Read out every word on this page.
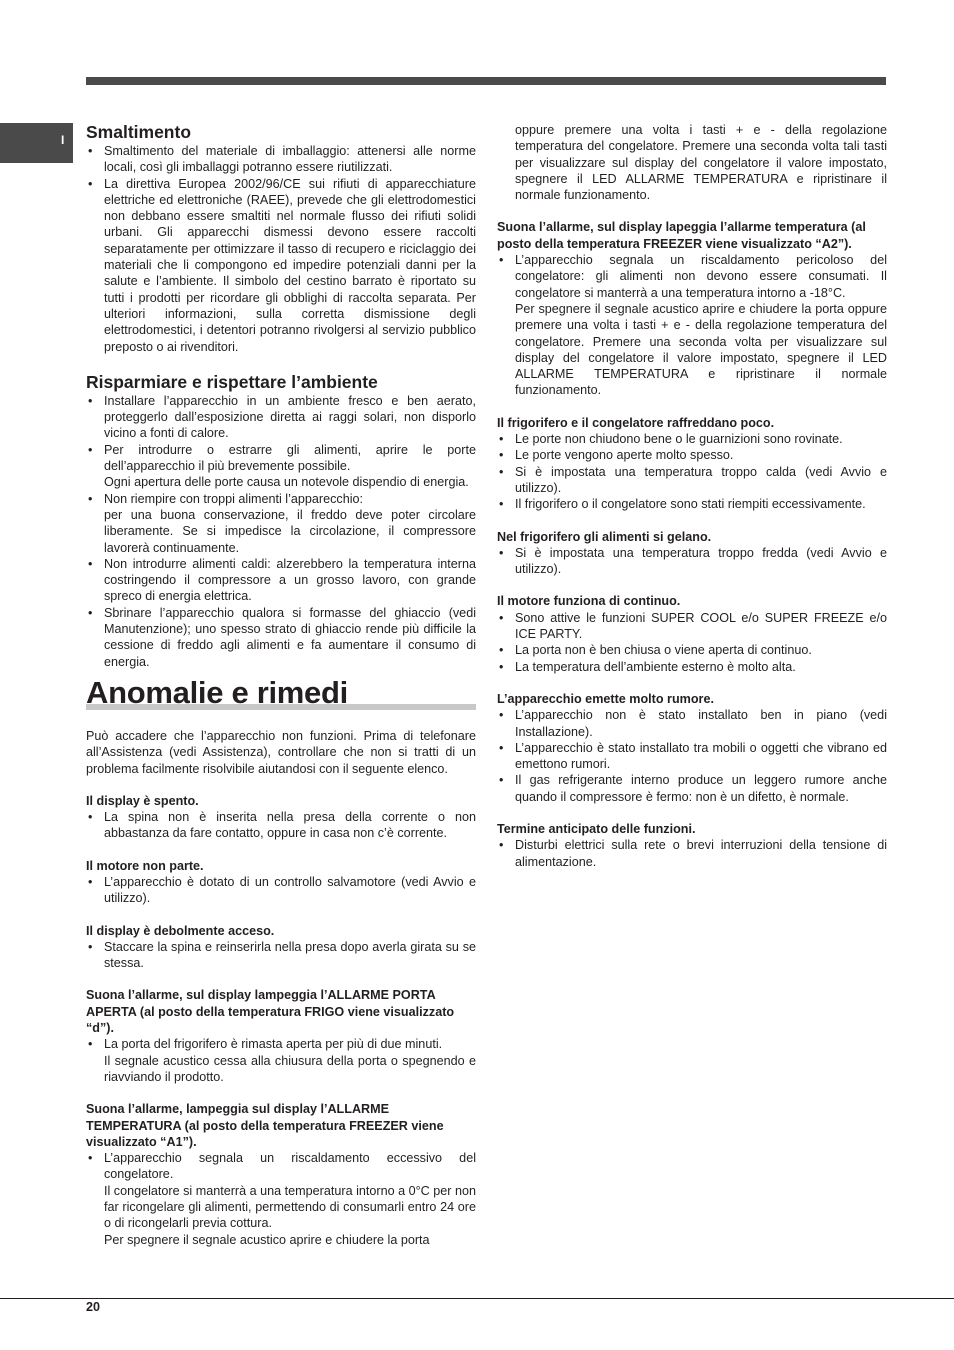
I Smaltimento
• Smaltimento del materiale di imballaggio: attenersi alle norme locali, così gli imballaggi potranno essere riutilizzati.
• La direttiva Europea 2002/96/CE sui rifiuti di apparecchiature elettriche ed elettroniche (RAEE), prevede che gli elettrodomestici non debbano essere smaltiti nel normale flusso dei rifiuti solidi urbani. Gli apparecchi dismessi devono essere raccolti separatamente per ottimizzare il tasso di recupero e riciclaggio dei materiali che li compongono ed impedire potenziali danni per la salute e l’ambiente. Il simbolo del cestino barrato è riportato su tutti i prodotti per ricordare gli obblighi di raccolta separata. Per ulteriori informazioni, sulla corretta dismissione degli elettrodomestici, i detentori potranno rivolgersi al servizio pubblico preposto o ai rivenditori.
Risparmiare e rispettare l’ambiente
• Installare l’apparecchio in un ambiente fresco e ben aerato, proteggerlo dall’esposizione diretta ai raggi solari, non disporlo vicino a fonti di calore.
• Per introdurre o estrarre gli alimenti, aprire le porte dell’apparecchio il più brevemente possibile.
Ogni apertura delle porte causa un notevole dispendio di energia.
• Non riempire con troppi alimenti l’apparecchio:
per una buona conservazione, il freddo deve poter circolare liberamente. Se si impedisce la circolazione, il compressore lavorerà continuamente.
• Non introdurre alimenti caldi: alzerebbero la temperatura interna costringendo il compressore a un grosso lavoro, con grande spreco di energia elettrica.
• Sbrinare l’apparecchio qualora si formasse del ghiaccio (vedi Manutenzione); uno spesso strato di ghiaccio rende più difficile la cessione di freddo agli alimenti e fa aumentare il consumo di energia.
Anomalie e rimedi

Può accadere che l’apparecchio non funzioni. Prima di telefonare all’Assistenza (vedi Assistenza), controllare che non si tratti di un problema facilmente risolvibile aiutandosi con il seguente elenco.

Il display è spento.

• La spina non è inserita nella presa della corrente o non abbastanza da fare contatto, oppure in casa non c’è corrente.

Il motore non parte.

• L’apparecchio è dotato di un controllo salvamotore (vedi Avvio e utilizzo).

Il display è debolmente acceso.

• Staccare la spina e reinserirla nella presa dopo averla girata su se stessa.

Suona l’allarme, sul display lampeggia l’ALLARME PORTA APERTA (al posto della temperatura FRIGO viene visualizzato “d”).

• La porta del frigorifero è rimasta aperta per più di due minuti.
Il segnale acustico cessa alla chiusura della porta o spegnendo e riavviando il prodotto.

Suona l’allarme, lampeggia sul display l’ALLARME TEMPERATURA (al posto della temperatura FREEZER viene visualizzato “A1”).

• L’apparecchio segnala un riscaldamento eccessivo del congelatore.
Il congelatore si manterrà a una temperatura intorno a 0°C per non far ricongelare gli alimenti, permettendo di consumarli entro 24 ore o di ricongelarli previa cottura.
Per spegnere il segnale acustico aprire e chiudere la porta
oppure premere una volta i tasti + e - della regolazione temperatura del congelatore. Premere una seconda volta tali tasti per visualizzare sul display del congelatore il valore impostato, spegnere il LED ALLARME TEMPERATURA e ripristinare il normale funzionamento.

Suona l’allarme, sul display lapeggia l’allarme temperatura (al posto della temperatura FREEZER viene visualizzato “A2”).

• L’apparecchio segnala un riscaldamento pericoloso del congelatore: gli alimenti non devono essere consumati. Il congelatore si manterrà a una temperatura intorno a -18°C.
Per spegnere il segnale acustico aprire e chiudere la porta oppure premere una volta i tasti + e - della regolazione temperatura del congelatore. Premere una seconda volta per visualizzare sul display del congelatore il valore impostato, spegnere il LED ALLARME TEMPERATURA e ripristinare il normale funzionamento.

Il frigorifero e il congelatore raffreddano poco.

• Le porte non chiudono bene o le guarnizioni sono rovinate.
• Le porte vengono aperte molto spesso.
• Si è impostata una temperatura troppo calda (vedi Avvio e utilizzo).
• Il frigorifero o il congelatore sono stati riempiti eccessivamente.

Nel frigorifero gli alimenti si gelano.

• Si è impostata una temperatura troppo fredda (vedi Avvio e utilizzo).

Il motore funziona di continuo.

• Sono attive le funzioni SUPER COOL e/o SUPER FREEZE e/o ICE PARTY.
• La porta non è ben chiusa o viene aperta di continuo.
• La temperatura dell’ambiente esterno è molto alta.

L’apparecchio emette molto rumore.

• L’apparecchio non è stato installato ben in piano (vedi Installazione).
• L’apparecchio è stato installato tra mobili o oggetti che vibrano ed emettono rumori.
• Il gas refrigerante interno produce un leggero rumore anche quando il compressore è fermo: non è un difetto, è normale.

Termine anticipato delle funzioni.

• Disturbi elettrici sulla rete o brevi interruzioni della tensione di alimentazione.
20
